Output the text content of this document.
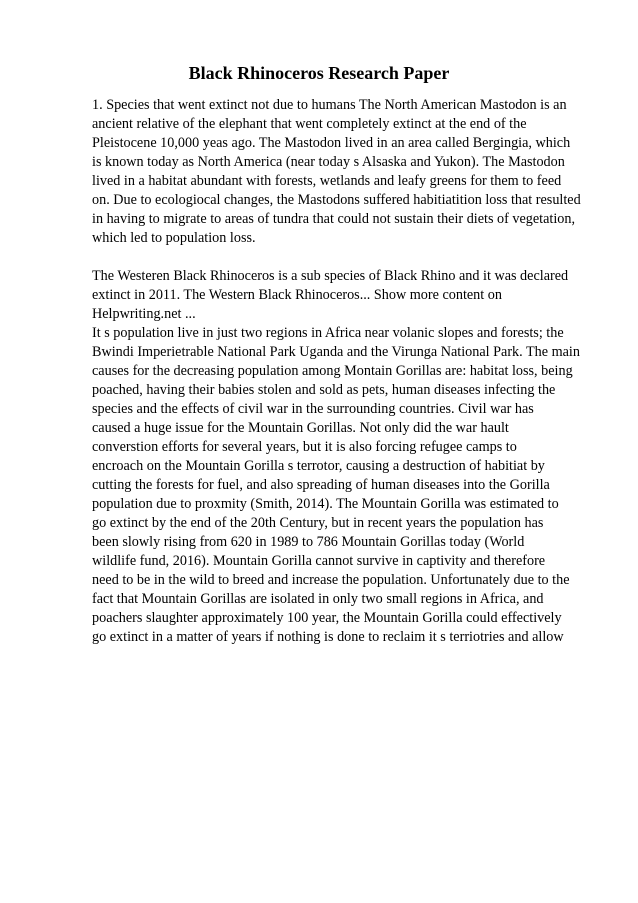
Black Rhinoceros Research Paper

1. Species that went extinct not due to humans The North American Mastodon is an
ancient relative of the elephant that went completely extinct at the end of the
Pleistocene 10,000 yeas ago. The Mastodon lived in an area called Bergingia, which
is known today as North America (near today s Alsaska and Yukon). The Mastodon
lived in a habitat abundant with forests, wetlands and leafy greens for them to feed
on. Due to ecologiocal changes, the Mastodons suffered habitiatition loss that resulted
in having to migrate to areas of tundra that could not sustain their diets of vegetation,
which led to population loss.

The Westeren Black Rhinoceros is a sub species of Black Rhino and it was declared
extinct in 2011. The Western Black Rhinoceros... Show more content on
Helpwriting.net ...

It s population live in just two regions in Africa near volanic slopes and forests; the
Bwindi Imperietrable National Park Uganda and the Virunga National Park. The main
causes for the decreasing population among Montain Gorillas are: habitat loss, being
poached, having their babies stolen and sold as pets, human diseases infecting the
species and the effects of civil war in the surrounding countries. Civil war has
caused a huge issue for the Mountain Gorillas. Not only did the war hault
converstion efforts for several years, but it is also forcing refugee camps to
encroach on the Mountain Gorilla s terrotor, causing a destruction of habitiat by
cutting the forests for fuel, and also spreading of human diseases into the Gorilla
population due to proxmity (Smith, 2014). The Mountain Gorilla was estimated to
go extinct by the end of the 20th Century, but in recent years the population has
been slowly rising from 620 in 1989 to 786 Mountain Gorillas today (World
wildlife fund, 2016). Mountain Gorilla cannot survive in captivity and therefore
need to be in the wild to breed and increase the population. Unfortunately due to the
fact that Mountain Gorillas are isolated in only two small regions in Africa, and
poachers slaughter approximately 100 year, the Mountain Gorilla could effectively
go extinct in a matter of years if nothing is done to reclaim it s terriotries and allow
